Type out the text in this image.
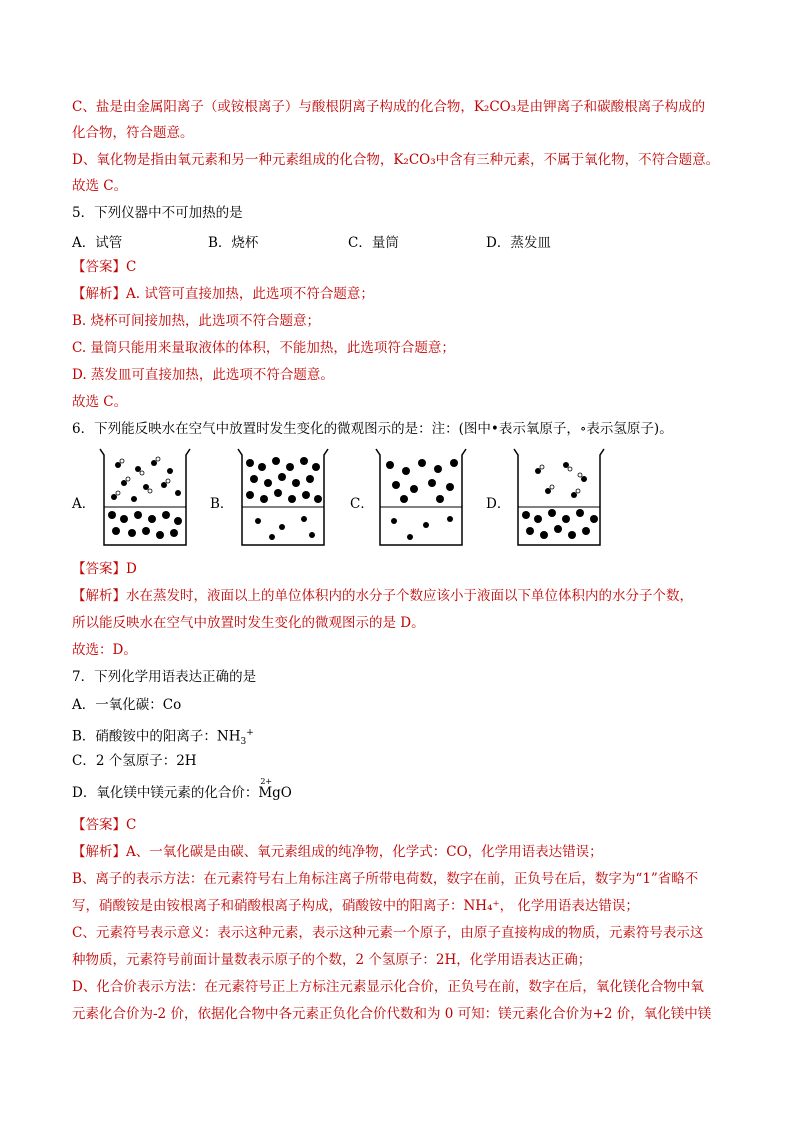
C、盐是由金属阳离子（或铵根离子）与酸根阴离子构成的化合物，K₂CO₃是由钾离子和碳酸根离子构成的
化合物，符合题意。
D、氧化物是指由氧元素和另一种元素组成的化合物，K₂CO₃中含有三种元素，不属于氧化物，不符合题意。
故选 C。
5．下列仪器中不可加热的是
A．试管	B．烧杯	C．量筒	D．蒸发皿
【答案】C
【解析】A. 试管可直接加热，此选项不符合题意；
B. 烧杯可间接加热，此选项不符合题意；
C. 量筒只能用来量取液体的体积，不能加热，此选项符合题意；
D. 蒸发皿可直接加热，此选项不符合题意。
故选 C。
6．下列能反映水在空气中放置时发生变化的微观图示的是：注：(图中•表示氧原子，∘表示氢原子)。
A．	B．	C．	D．
【答案】D
【解析】水在蒸发时，液面以上的单位体积内的水分子个数应该小于液面以下单位体积内的水分子个数，
所以能反映水在空气中放置时发生变化的微观图示的是 D。
故选：D。
7．下列化学用语表达正确的是
A．一氧化碳：Co
B．硝酸铵中的阳离子：$NH_3^+$
C．2 个氢原子：2H
D．氧化镁中镁元素的化合价：
2+
MgO
【答案】C
【解析】A、一氧化碳是由碳、氧元素组成的纯净物，化学式：CO，化学用语表达错误；
B、离子的表示方法：在元素符号右上角标注离子所带电荷数，数字在前，正负号在后，数字为“1”省略不
写，硝酸铵是由铵根离子和硝酸根离子构成，硝酸铵中的阳离子：NH₄⁺， 化学用语表达错误；
C、元素符号表示意义：表示这种元素，表示这种元素一个原子，由原子直接构成的物质，元素符号表示这
种物质，元素符号前面计量数表示原子的个数，2 个氢原子：2H，化学用语表达正确；
D、化合价表示方法：在元素符号正上方标注元素显示化合价，正负号在前，数字在后，氧化镁化合物中氧
元素化合价为-2 价，依据化合物中各元素正负化合价代数和为 0 可知：镁元素化合价为+2 价，氧化镁中镁
